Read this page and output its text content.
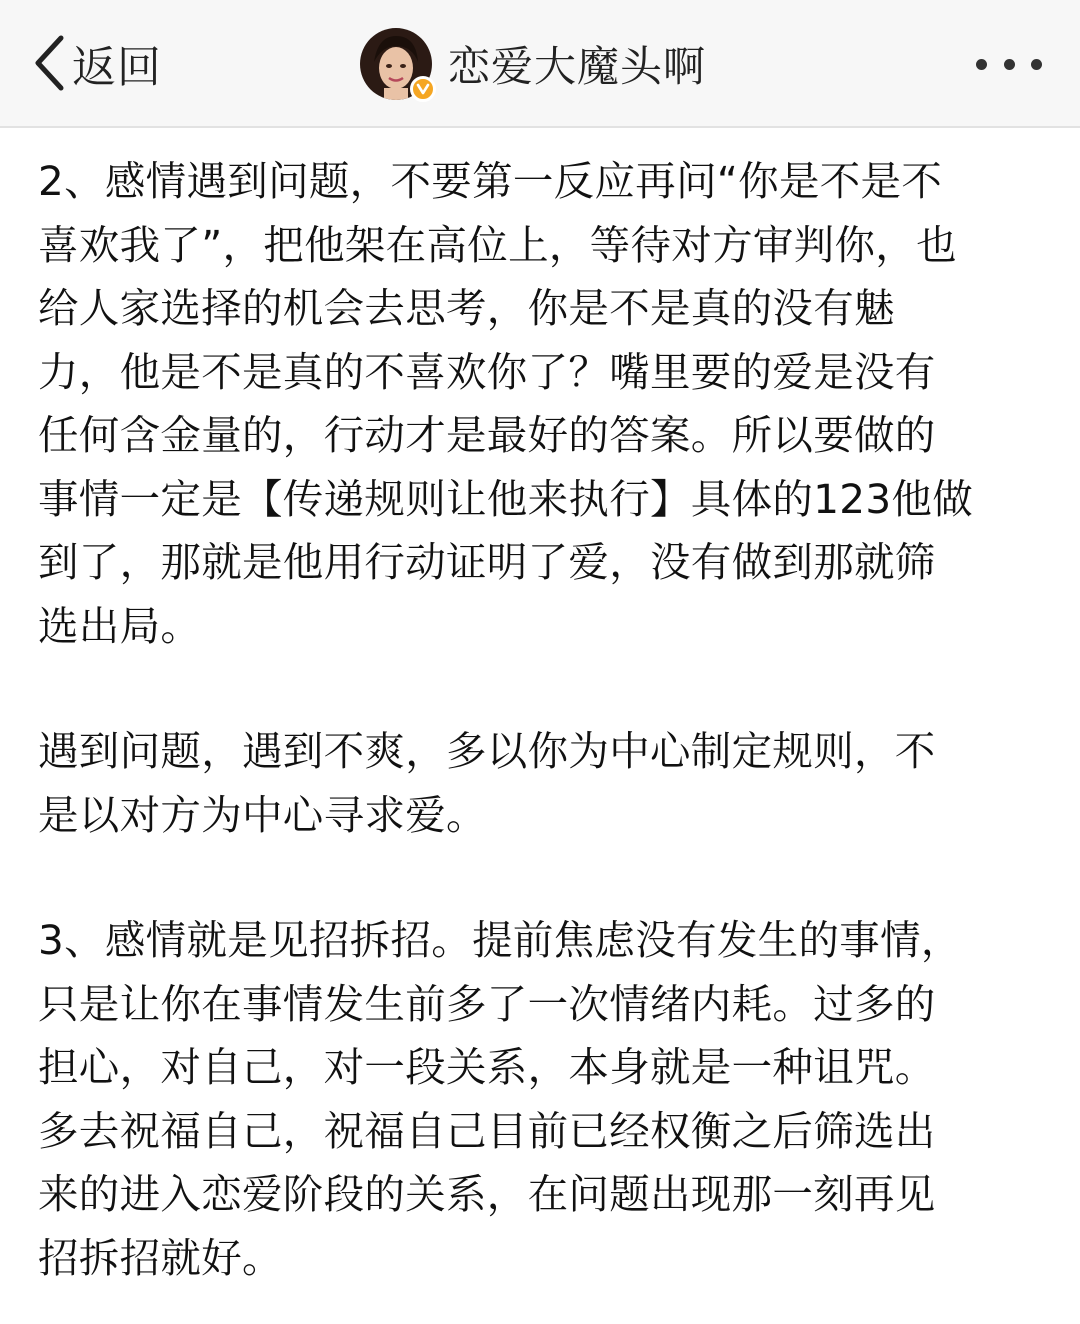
返回	恋爱大魔头啊

2、感情遇到问题，不要第一反应再问“你是不是不
喜欢我了”，把他架在高位上，等待对方审判你，也
给人家选择的机会去思考，你是不是真的没有魅
力，他是不是真的不喜欢你了？嘴里要的爱是没有
任何含金量的，行动才是最好的答案。所以要做的
事情一定是【传递规则让他来执行】具体的123他做
到了，那就是他用行动证明了爱，没有做到那就筛
选出局。

遇到问题，遇到不爽，多以你为中心制定规则，不
是以对方为中心寻求爱。

3、感情就是见招拆招。提前焦虑没有发生的事情，
只是让你在事情发生前多了一次情绪内耗。过多的
担心，对自己，对一段关系，本身就是一种诅咒。
多去祝福自己，祝福自己目前已经权衡之后筛选出
来的进入恋爱阶段的关系，在问题出现那一刻再见
招拆招就好。
